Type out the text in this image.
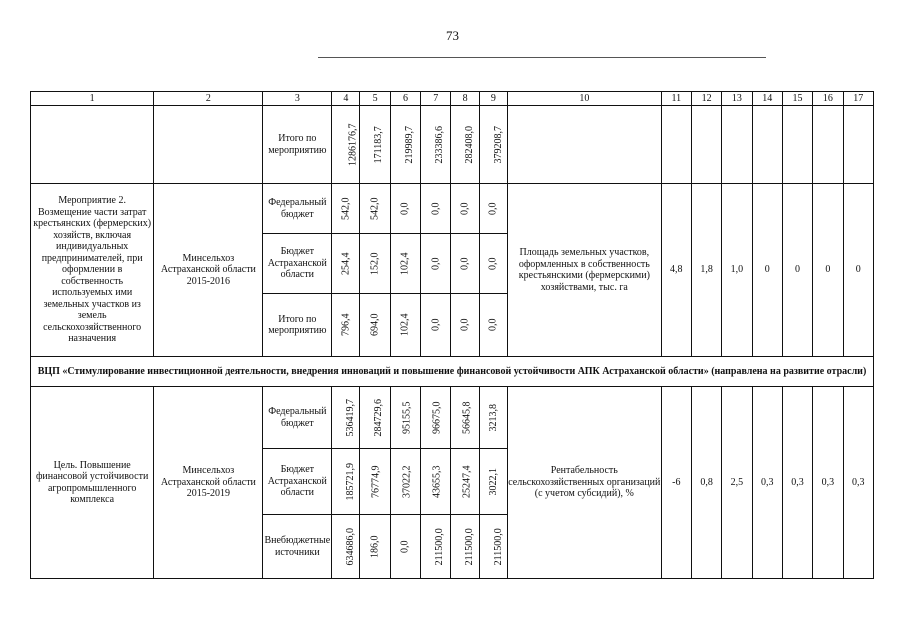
73
1	2	3	4	5	6	7	8	9	10	11	12	13	14	15	16	17
		Итого по мероприятию	1286176,7	171183,7	219989,7	233386,6	282408,0	379208,7								
Мероприятие 2. Возмещение части затрат крестьянских (фермерских) хозяйств, включая индивидуальных предпринимателей, при оформлении в собственность используемых ими земельных участков из земель сельскохозяйственного назначения	Минсельхоз Астраханской области 2015-2016	Федеральный бюджет	542,0	542,0	0,0	0,0	0,0	0,0	Площадь земельных участков, оформленных в собственность крестьянскими (фермерскими) хозяйствами, тыс. га	4,8	1,8	1,0	0	0	0	0
		Бюджет Астраханской области	254,4	152,0	102,4	0,0	0,0	0,0								
		Итого по мероприятию	796,4	694,0	102,4	0,0	0,0	0,0								
ВЦП «Стимулирование инвестиционной деятельности, внедрения инноваций и повышение финансовой устойчивости АПК Астраханской области» (направлена на развитие отрасли)																
Цель. Повышение финансовой устойчивости агропромышленного комплекса	Минсельхоз Астраханской области 2015-2019	Федеральный бюджет	536419,7	284729,6	95155,5	96675,0	56645,8	3213,8	Рентабельность сельскохозяйственных организаций (с учетом субсидий), %	-6	0,8	2,5	0,3	0,3	0,3	0,3
		Бюджет Астраханской области	185721,9	76774,9	37022,2	43655,3	25247,4	3022,1								
		Внебюджетные источники	634686,0	186,0	0,0	211500,0	211500,0	211500,0								
